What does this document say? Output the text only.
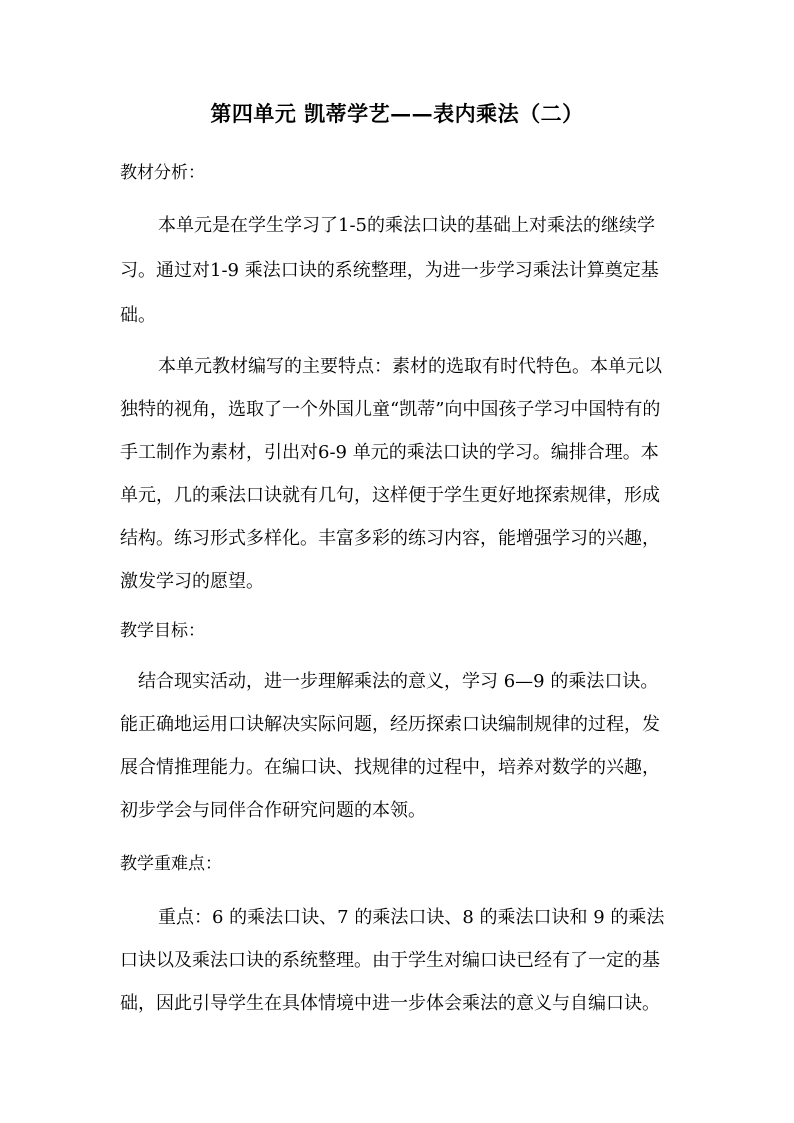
第四单元 凯蒂学艺——表内乘法（二）
教材分析：
本单元是在学生学习了1-5的乘法口诀的基础上对乘法的继续学
习。通过对1-9 乘法口诀的系统整理，为进一步学习乘法计算奠定基
础。
本单元教材编写的主要特点：素材的选取有时代特色。本单元以
独特的视角，选取了一个外国儿童“凯蒂”向中国孩子学习中国特有的
手工制作为素材，引出对6-9 单元的乘法口诀的学习。编排合理。本
单元，几的乘法口诀就有几句，这样便于学生更好地探索规律，形成
结构。练习形式多样化。丰富多彩的练习内容，能增强学习的兴趣，
激发学习的愿望。
教学目标：
结合现实活动，进一步理解乘法的意义，学习 6—9 的乘法口诀。
能正确地运用口诀解决实际问题，经历探索口诀编制规律的过程，发
展合情推理能力。在编口诀、找规律的过程中，培养对数学的兴趣，
初步学会与同伴合作研究问题的本领。
教学重难点：
重点：6 的乘法口诀、7 的乘法口诀、8 的乘法口诀和 9 的乘法
口诀以及乘法口诀的系统整理。由于学生对编口诀已经有了一定的基
础，因此引导学生在具体情境中进一步体会乘法的意义与自编口诀。
